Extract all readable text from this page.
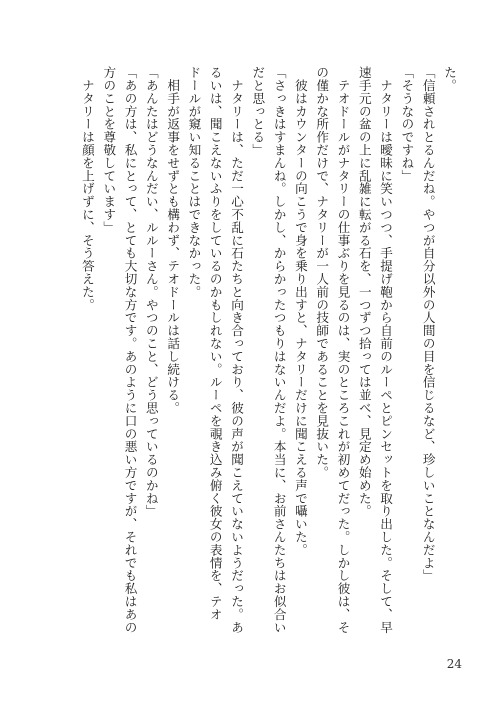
た。
「信頼されとるんだね。やつが自分以外の人間の目を信じるなど、珍しいことなんだよ」
「そうなのですね」
　ナタリーは曖昧に笑いつつ、手提げ鞄から自前のルーペとピンセットを取り出した。そして、早
速手元の盆の上に乱雑に転がる石を、一つずつ拾っては並べ、見定め始めた。
　テオドールがナタリーの仕事ぶりを見るのは、実のところこれが初めてだった。しかし彼は、そ
の僅かな所作だけで、ナタリーが一人前の技師であることを見抜いた。
　彼はカウンターの向こうで身を乗り出すと、ナタリーだけに聞こえる声で囁いた。
「さっきはすまんね。しかし、からかったつもりはないんだよ。本当に、お前さんたちはお似合い
だと思っとる」
　ナタリーは、ただ一心不乱に石たちと向き合っており、彼の声が聞こえていないようだった。あ
るいは、聞こえないふりをしているのかもしれない。ルーペを覗き込み俯く彼女の表情を、テオ
ドールが窺い知ることはできなかった。
　相手が返事をせずとも構わず、テオドールは話し続ける。
「あんたはどうなんだい、ルルーさん。やつのこと、どう思っているのかね」
「あの方は、私にとって、とても大切な方です。あのように口の悪い方ですが、それでも私はあの
方のことを尊敬しています」
　ナタリーは顔を上げずに、そう答えた。
24
